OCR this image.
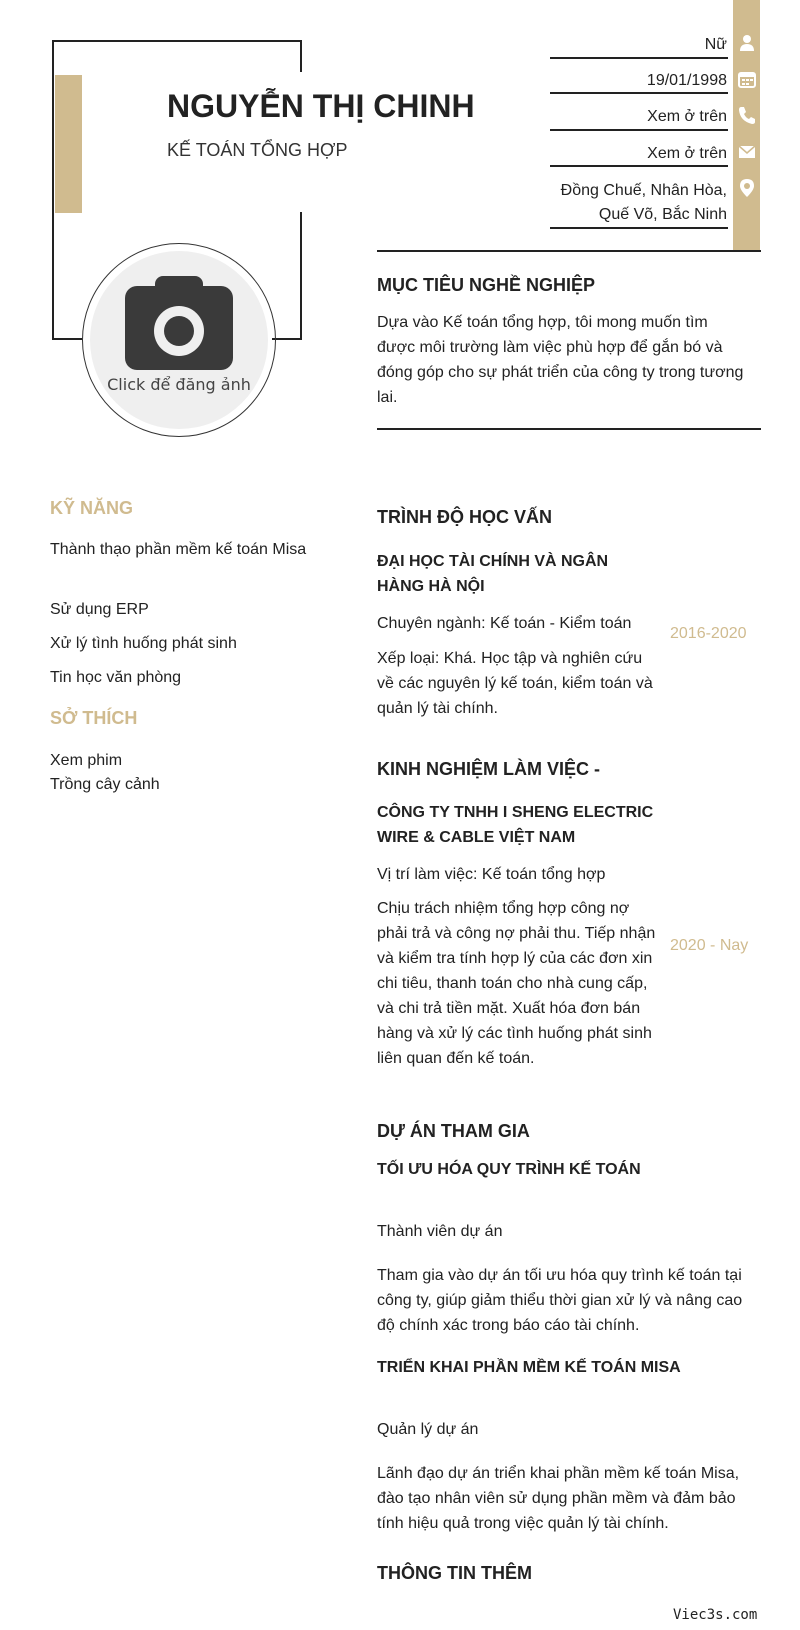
NGUYỄN THỊ CHINH
KẾ TOÁN TỔNG HỢP
Click để đăng ảnh
Nữ
19/01/1998
Xem ở trên
Xem ở trên
Đồng Chuế, Nhân Hòa,
Quế Võ, Bắc Ninh
MỤC TIÊU NGHỀ NGHIỆP
Dựa vào Kế toán tổng hợp, tôi mong muốn tìm được môi trường làm việc phù hợp để gắn bó và đóng góp cho sự phát triển của công ty trong tương lai.
KỸ NĂNG
Thành thạo phần mềm kế toán Misa
Sử dụng ERP
Xử lý tình huống phát sinh
Tin học văn phòng
SỞ THÍCH
Xem phim
Trồng cây cảnh
TRÌNH ĐỘ HỌC VẤN
ĐẠI HỌC TÀI CHÍNH VÀ NGÂN HÀNG HÀ NỘI
Chuyên ngành: Kế toán - Kiểm toán
Xếp loại: Khá. Học tập và nghiên cứu về các nguyên lý kế toán, kiểm toán và quản lý tài chính.
2016-2020
KINH NGHIỆM LÀM VIỆC -
CÔNG TY TNHH I SHENG ELECTRIC WIRE & CABLE VIỆT NAM
Vị trí làm việc: Kế toán tổng hợp
Chịu trách nhiệm tổng hợp công nợ phải trả và công nợ phải thu. Tiếp nhận và kiểm tra tính hợp lý của các đơn xin chi tiêu, thanh toán cho nhà cung cấp, và chi trả tiền mặt. Xuất hóa đơn bán hàng và xử lý các tình huống phát sinh liên quan đến kế toán.
2020 - Nay
DỰ ÁN THAM GIA
TỐI ƯU HÓA QUY TRÌNH KẾ TOÁN
Thành viên dự án
Tham gia vào dự án tối ưu hóa quy trình kế toán tại công ty, giúp giảm thiểu thời gian xử lý và nâng cao độ chính xác trong báo cáo tài chính.
TRIỂN KHAI PHẦN MỀM KẾ TOÁN MISA
Quản lý dự án
Lãnh đạo dự án triển khai phần mềm kế toán Misa, đào tạo nhân viên sử dụng phần mềm và đảm bảo tính hiệu quả trong việc quản lý tài chính.
THÔNG TIN THÊM
Viec3s.com
